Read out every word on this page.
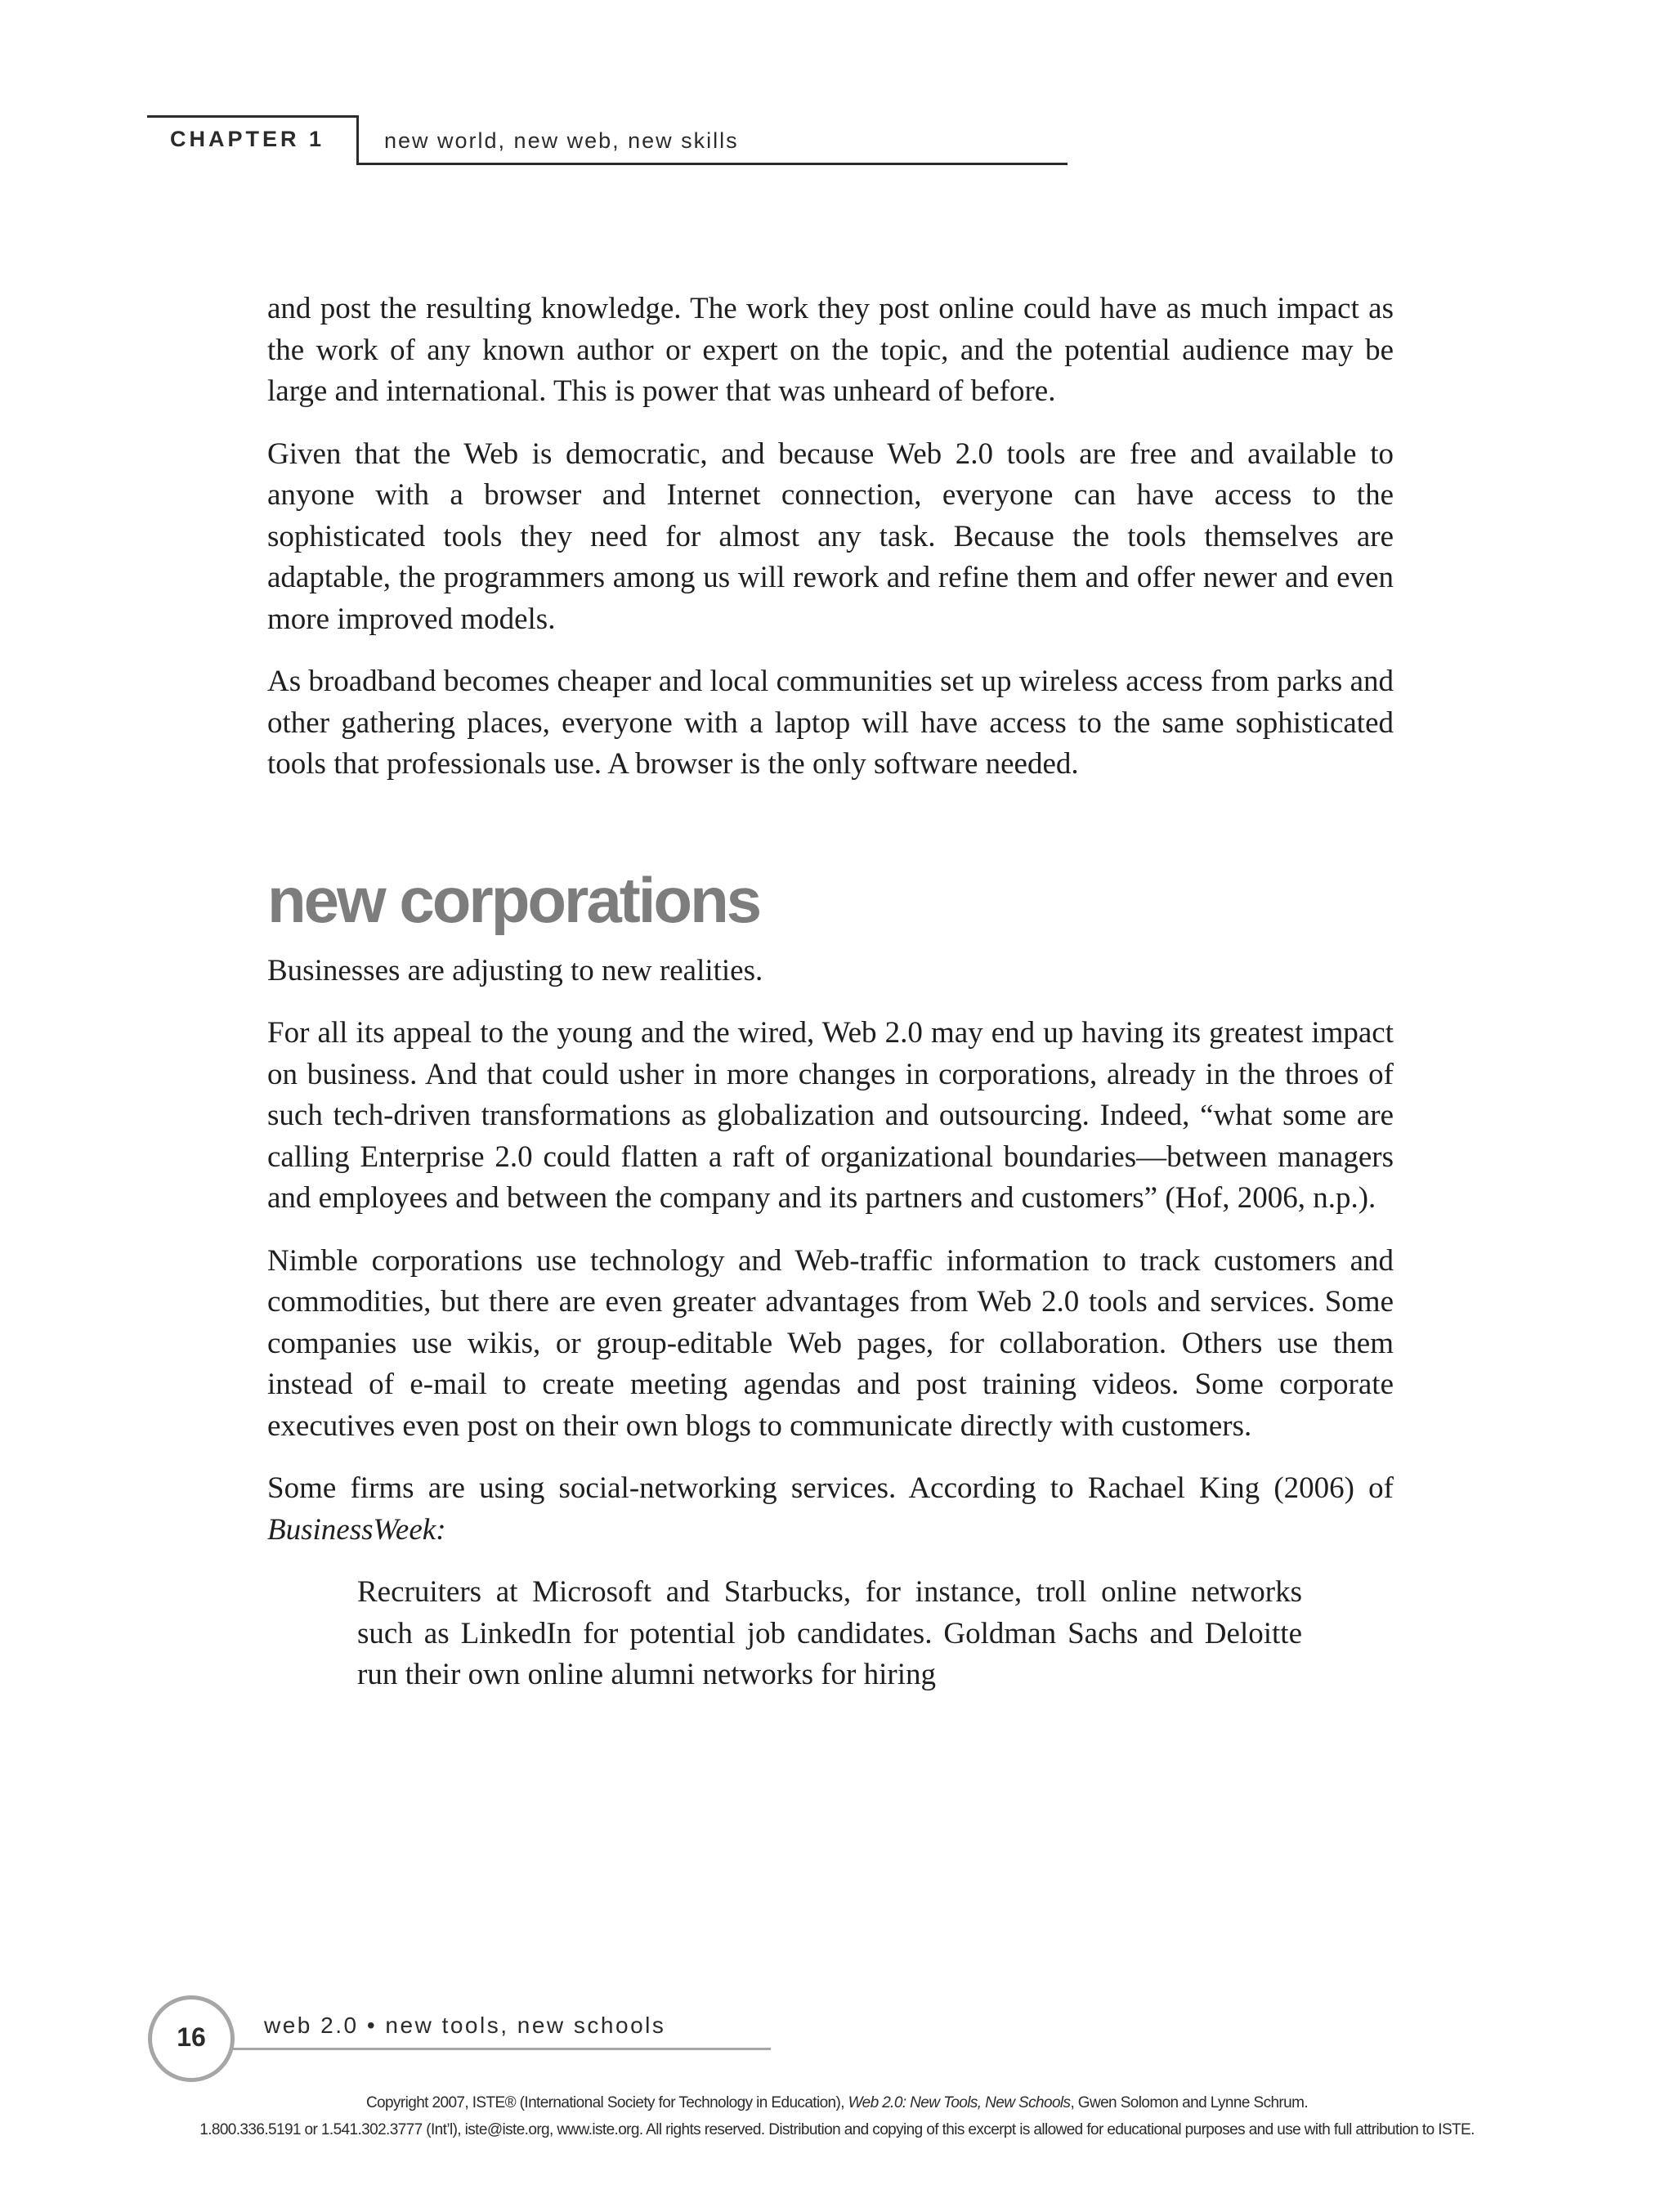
CHAPTER 1	new world, new web, new skills

and post the resulting knowledge. The work they post online could have as much impact as the work of any known author or expert on the topic, and the potential audience may be large and international. This is power that was unheard of before.

Given that the Web is democratic, and because Web 2.0 tools are free and available to anyone with a browser and Internet connection, everyone can have access to the sophisticated tools they need for almost any task. Because the tools themselves are adaptable, the programmers among us will rework and refine them and offer newer and even more improved models.

As broadband becomes cheaper and local communities set up wireless access from parks and other gathering places, everyone with a laptop will have access to the same sophisticated tools that professionals use. A browser is the only software needed.

new corporations

Businesses are adjusting to new realities.

For all its appeal to the young and the wired, Web 2.0 may end up having its greatest impact on business. And that could usher in more changes in corporations, already in the throes of such tech-driven transformations as globalization and outsourcing. Indeed, “what some are calling Enterprise 2.0 could flatten a raft of organizational boundaries—between managers and employees and between the company and its partners and customers” (Hof, 2006, n.p.).

Nimble corporations use technology and Web-traffic information to track customers and commodities, but there are even greater advantages from Web 2.0 tools and services. Some companies use wikis, or group-editable Web pages, for collaboration. Others use them instead of e-mail to create meeting agendas and post training videos. Some corporate executives even post on their own blogs to communicate directly with customers.

Some firms are using social-networking services. According to Rachael King (2006) of BusinessWeek:

Recruiters at Microsoft and Starbucks, for instance, troll online networks such as LinkedIn for potential job candidates. Goldman Sachs and Deloitte run their own online alumni networks for hiring
16	web 2.0 • new tools, new schools
Copyright 2007, ISTE® (International Society for Technology in Education), Web 2.0: New Tools, New Schools, Gwen Solomon and Lynne Schrum.
1.800.336.5191 or 1.541.302.3777 (Int’l), iste@iste.org, www.iste.org. All rights reserved. Distribution and copying of this excerpt is allowed for educational purposes and use with full attribution to ISTE.
